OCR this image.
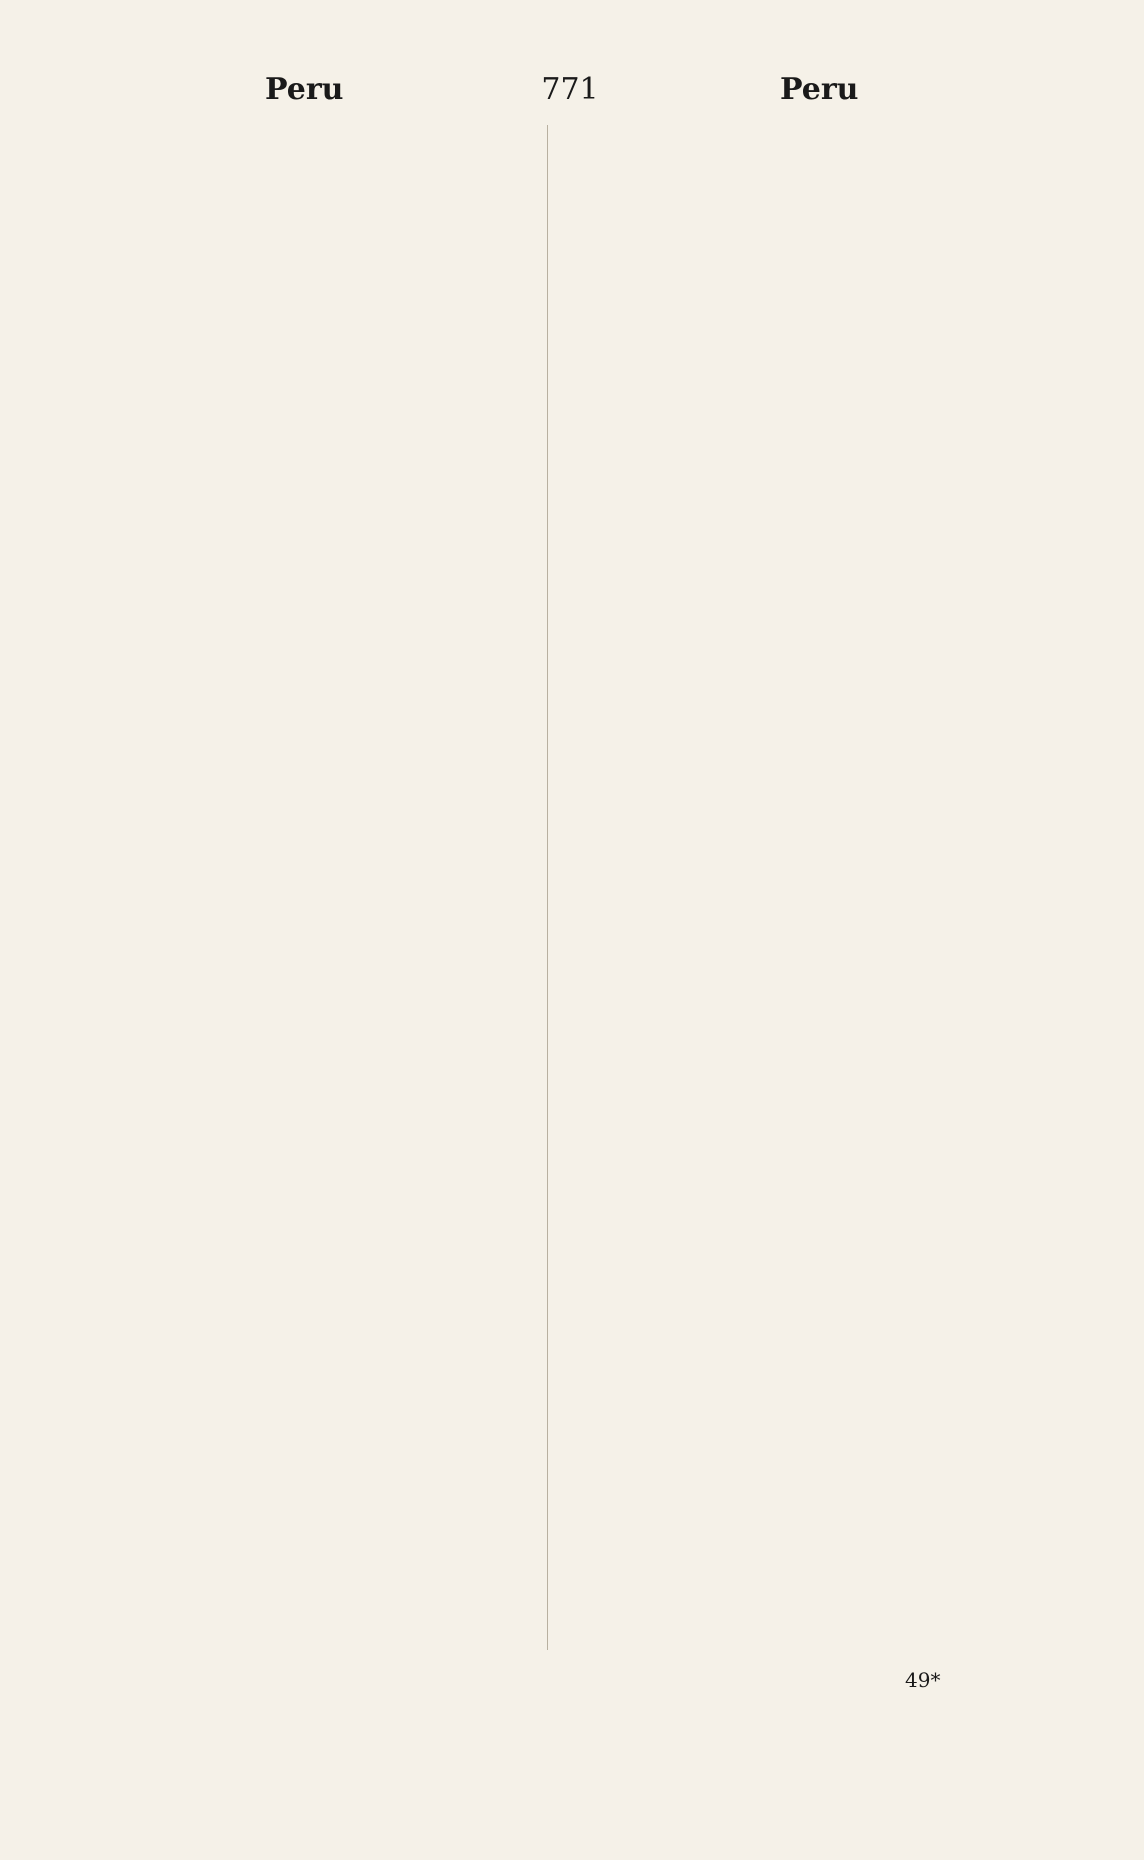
Peru	771	Peru
49*
